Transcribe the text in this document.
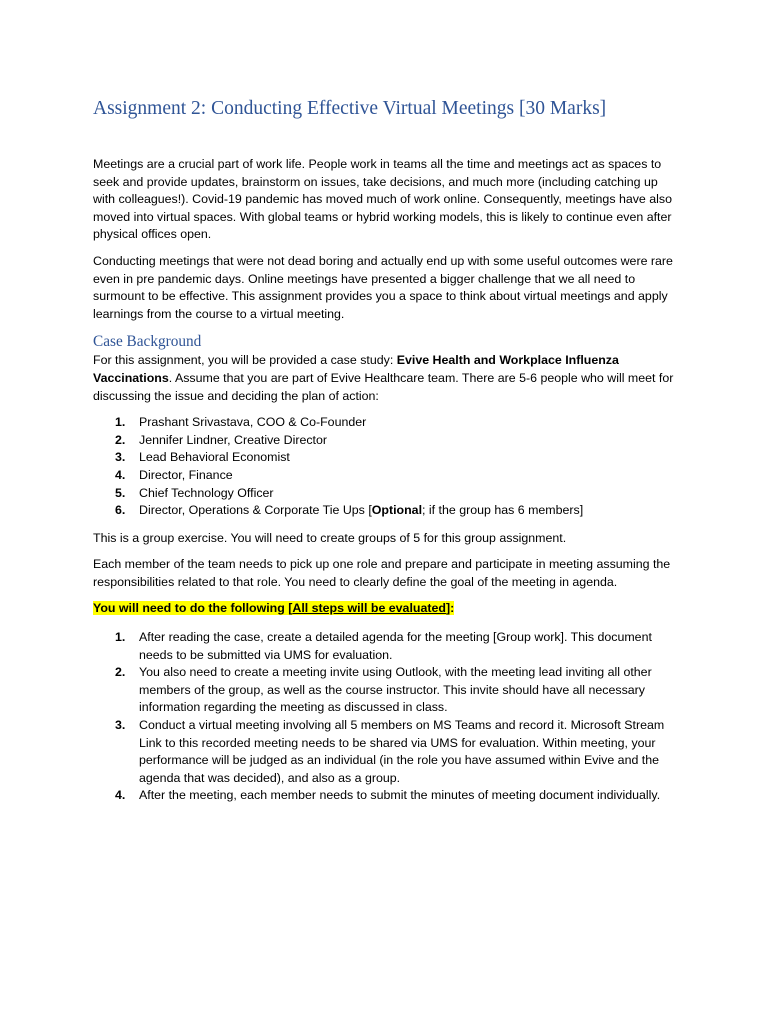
Assignment 2: Conducting Effective Virtual Meetings [30 Marks]

Meetings are a crucial part of work life. People work in teams all the time and meetings act as spaces to seek and provide updates, brainstorm on issues, take decisions, and much more (including catching up with colleagues!). Covid-19 pandemic has moved much of work online. Consequently, meetings have also moved into virtual spaces. With global teams or hybrid working models, this is likely to continue even after physical offices open.

Conducting meetings that were not dead boring and actually end up with some useful outcomes were rare even in pre pandemic days. Online meetings have presented a bigger challenge that we all need to surmount to be effective. This assignment provides you a space to think about virtual meetings and apply learnings from the course to a virtual meeting.

Case Background

For this assignment, you will be provided a case study: Evive Health and Workplace Influenza Vaccinations. Assume that you are part of Evive Healthcare team. There are 5-6 people who will meet for discussing the issue and deciding the plan of action:

1. Prashant Srivastava, COO & Co-Founder
2. Jennifer Lindner, Creative Director
3. Lead Behavioral Economist
4. Director, Finance
5. Chief Technology Officer
6. Director, Operations & Corporate Tie Ups [Optional; if the group has 6 members]

This is a group exercise. You will need to create groups of 5 for this group assignment.

Each member of the team needs to pick up one role and prepare and participate in meeting assuming the responsibilities related to that role. You need to clearly define the goal of the meeting in agenda.

You will need to do the following [All steps will be evaluated]:

1. After reading the case, create a detailed agenda for the meeting [Group work]. This document needs to be submitted via UMS for evaluation.
2. You also need to create a meeting invite using Outlook, with the meeting lead inviting all other members of the group, as well as the course instructor. This invite should have all necessary information regarding the meeting as discussed in class.
3. Conduct a virtual meeting involving all 5 members on MS Teams and record it. Microsoft Stream Link to this recorded meeting needs to be shared via UMS for evaluation. Within meeting, your performance will be judged as an individual (in the role you have assumed within Evive and the agenda that was decided), and also as a group.
4. After the meeting, each member needs to submit the minutes of meeting document individually.
